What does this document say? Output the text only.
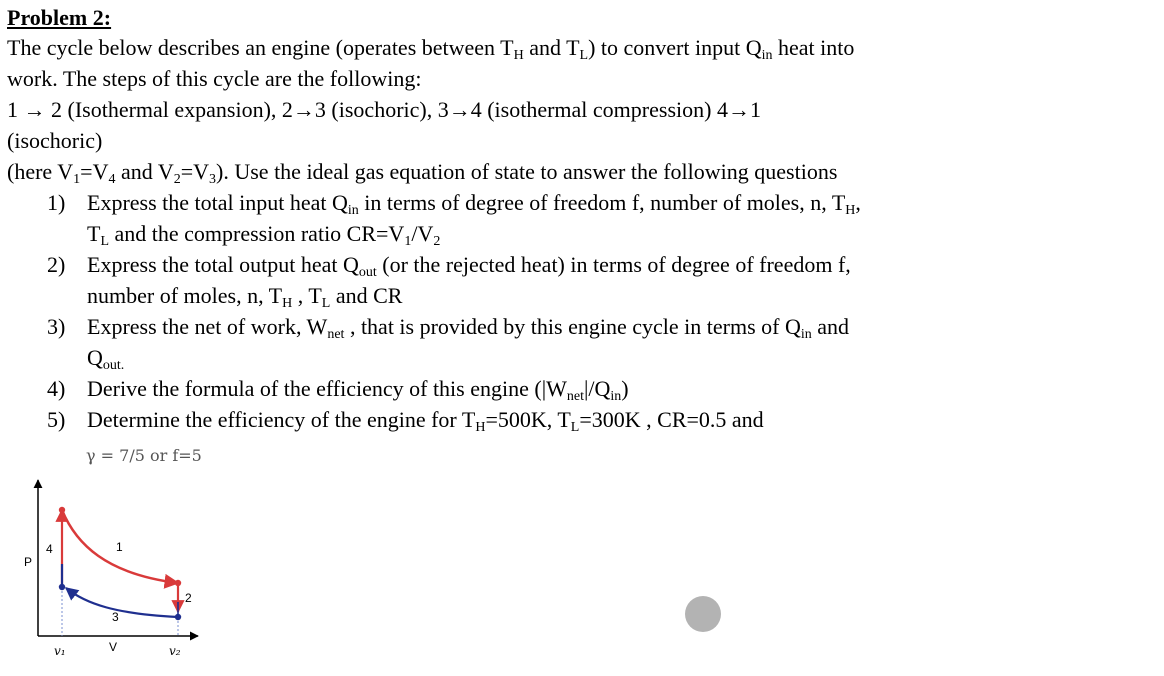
Problem 2:

The cycle below describes an engine (operates between $T_H$ and $T_L$) to convert input $Q_{in}$ heat into

work. The steps of this cycle are the following:

1 → 2 (Isothermal expansion), 2→3 (isochoric), 3→4 (isothermal compression) 4→1

(isochoric)

(here $V_1=V_4$ and $V_2=V_3$). Use the ideal gas equation of state to answer the following questions

1) Express the total input heat $Q_{in}$ in terms of degree of freedom f, number of moles, n, $T_H$,
$T_L$ and the compression ratio $CR=V_1/V_2$
2) Express the total output heat $Q_{out}$ (or the rejected heat) in terms of degree of freedom f,
number of moles, n, $T_H$ , $T_L$ and CR
3) Express the net of work, $W_{net}$ , that is provided by this engine cycle in terms of $Q_{in}$ and
$Q_{out.}$
4) Derive the formula of the efficiency of this engine $(|W_{net}|/Q_{in})$
5) Determine the efficiency of the engine for $T_H=500K$, $T_L=300K$ , CR=0.5 and
γ = 7/5 or f=5
P
V
v₁	v₂
1
2
3
4
